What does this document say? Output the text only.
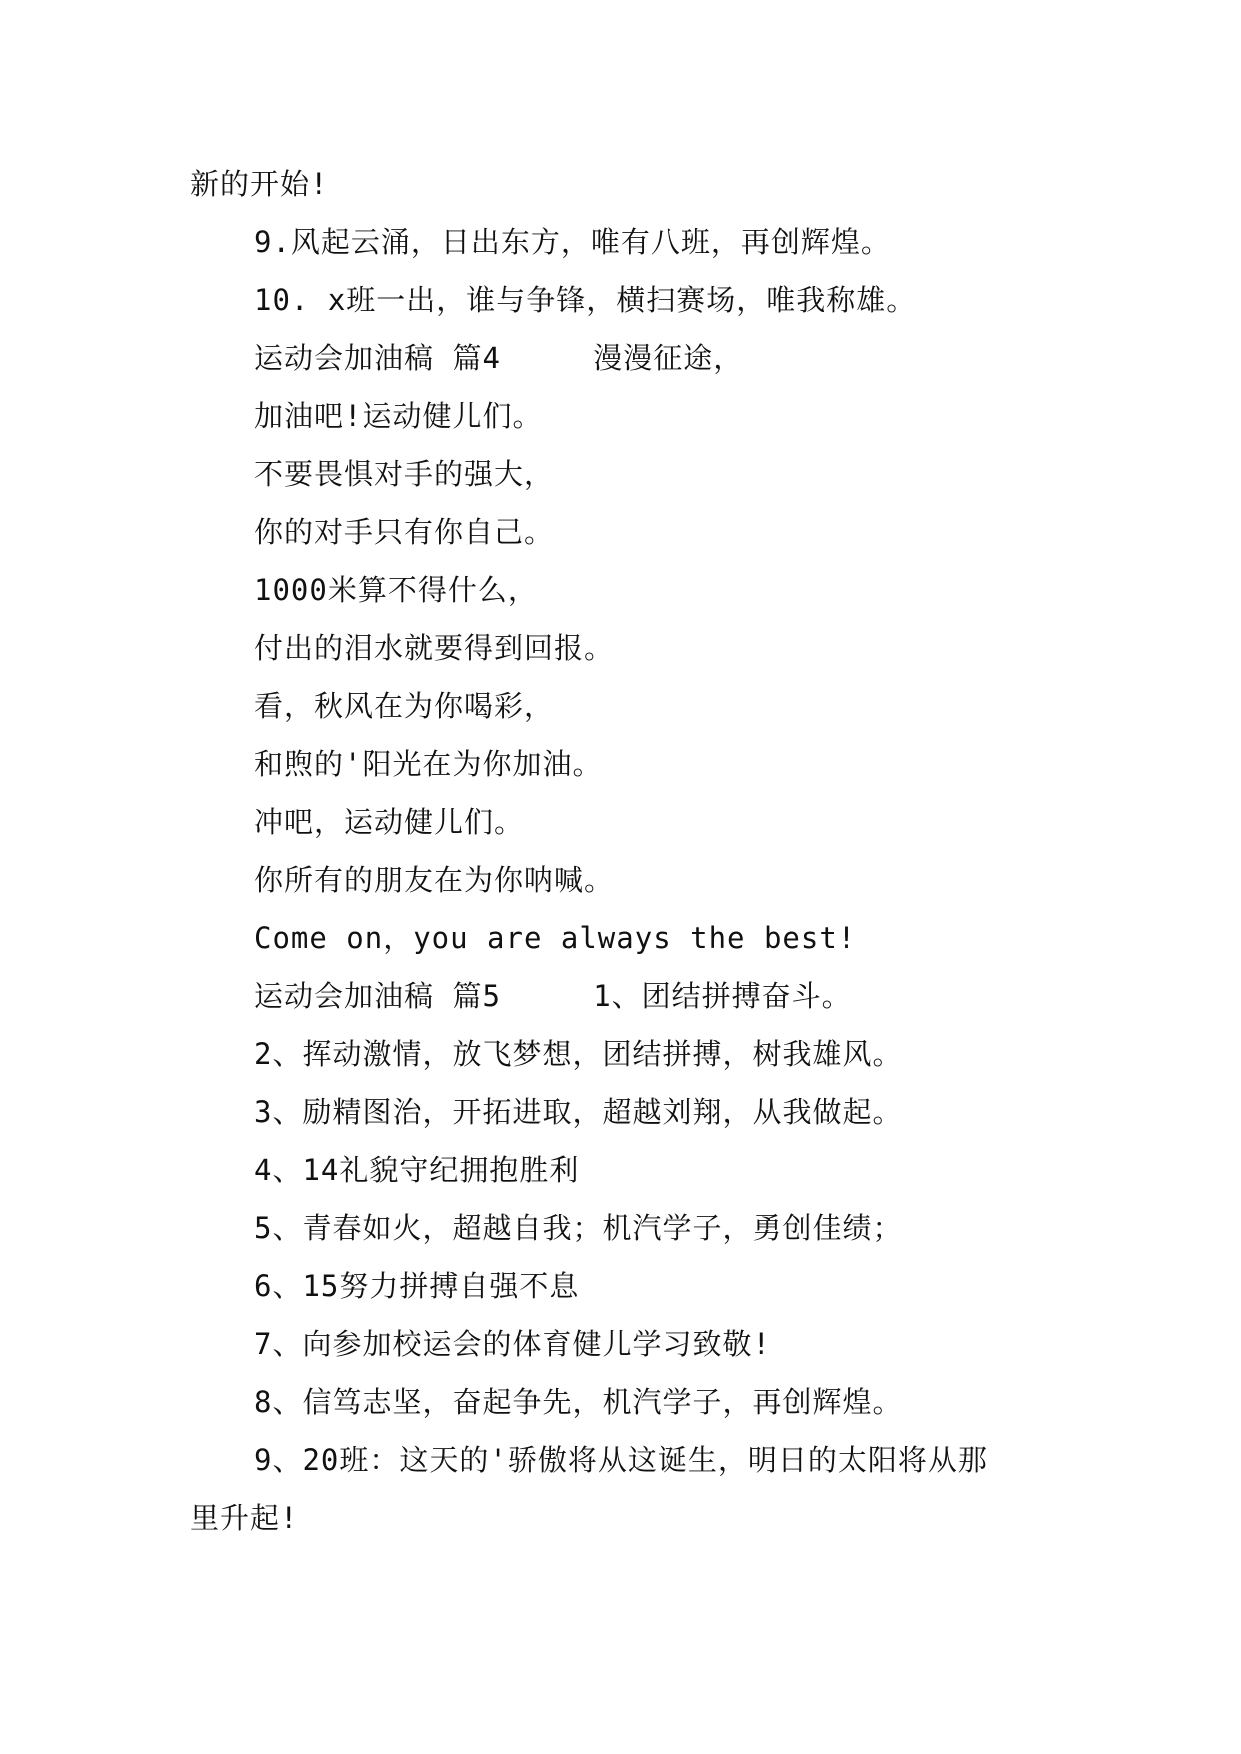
新的开始!
9.风起云涌，日出东方，唯有八班，再创辉煌。
10. x班一出，谁与争锋，横扫赛场，唯我称雄。
运动会加油稿 篇4     漫漫征途，
加油吧!运动健儿们。
不要畏惧对手的强大，
你的对手只有你自己。
1000米算不得什么，
付出的泪水就要得到回报。
看，秋风在为你喝彩，
和煦的'阳光在为你加油。
冲吧，运动健儿们。
你所有的朋友在为你呐喊。
Come on，you are always the best!
运动会加油稿 篇5     1、团结拼搏奋斗。
2、挥动激情，放飞梦想，团结拼搏，树我雄风。
3、励精图治，开拓进取，超越刘翔，从我做起。
4、14礼貌守纪拥抱胜利
5、青春如火，超越自我；机汽学子，勇创佳绩；
6、15努力拼搏自强不息
7、向参加校运会的体育健儿学习致敬!
8、信笃志坚，奋起争先，机汽学子，再创辉煌。
9、20班：这天的'骄傲将从这诞生，明日的太阳将从那
里升起!
